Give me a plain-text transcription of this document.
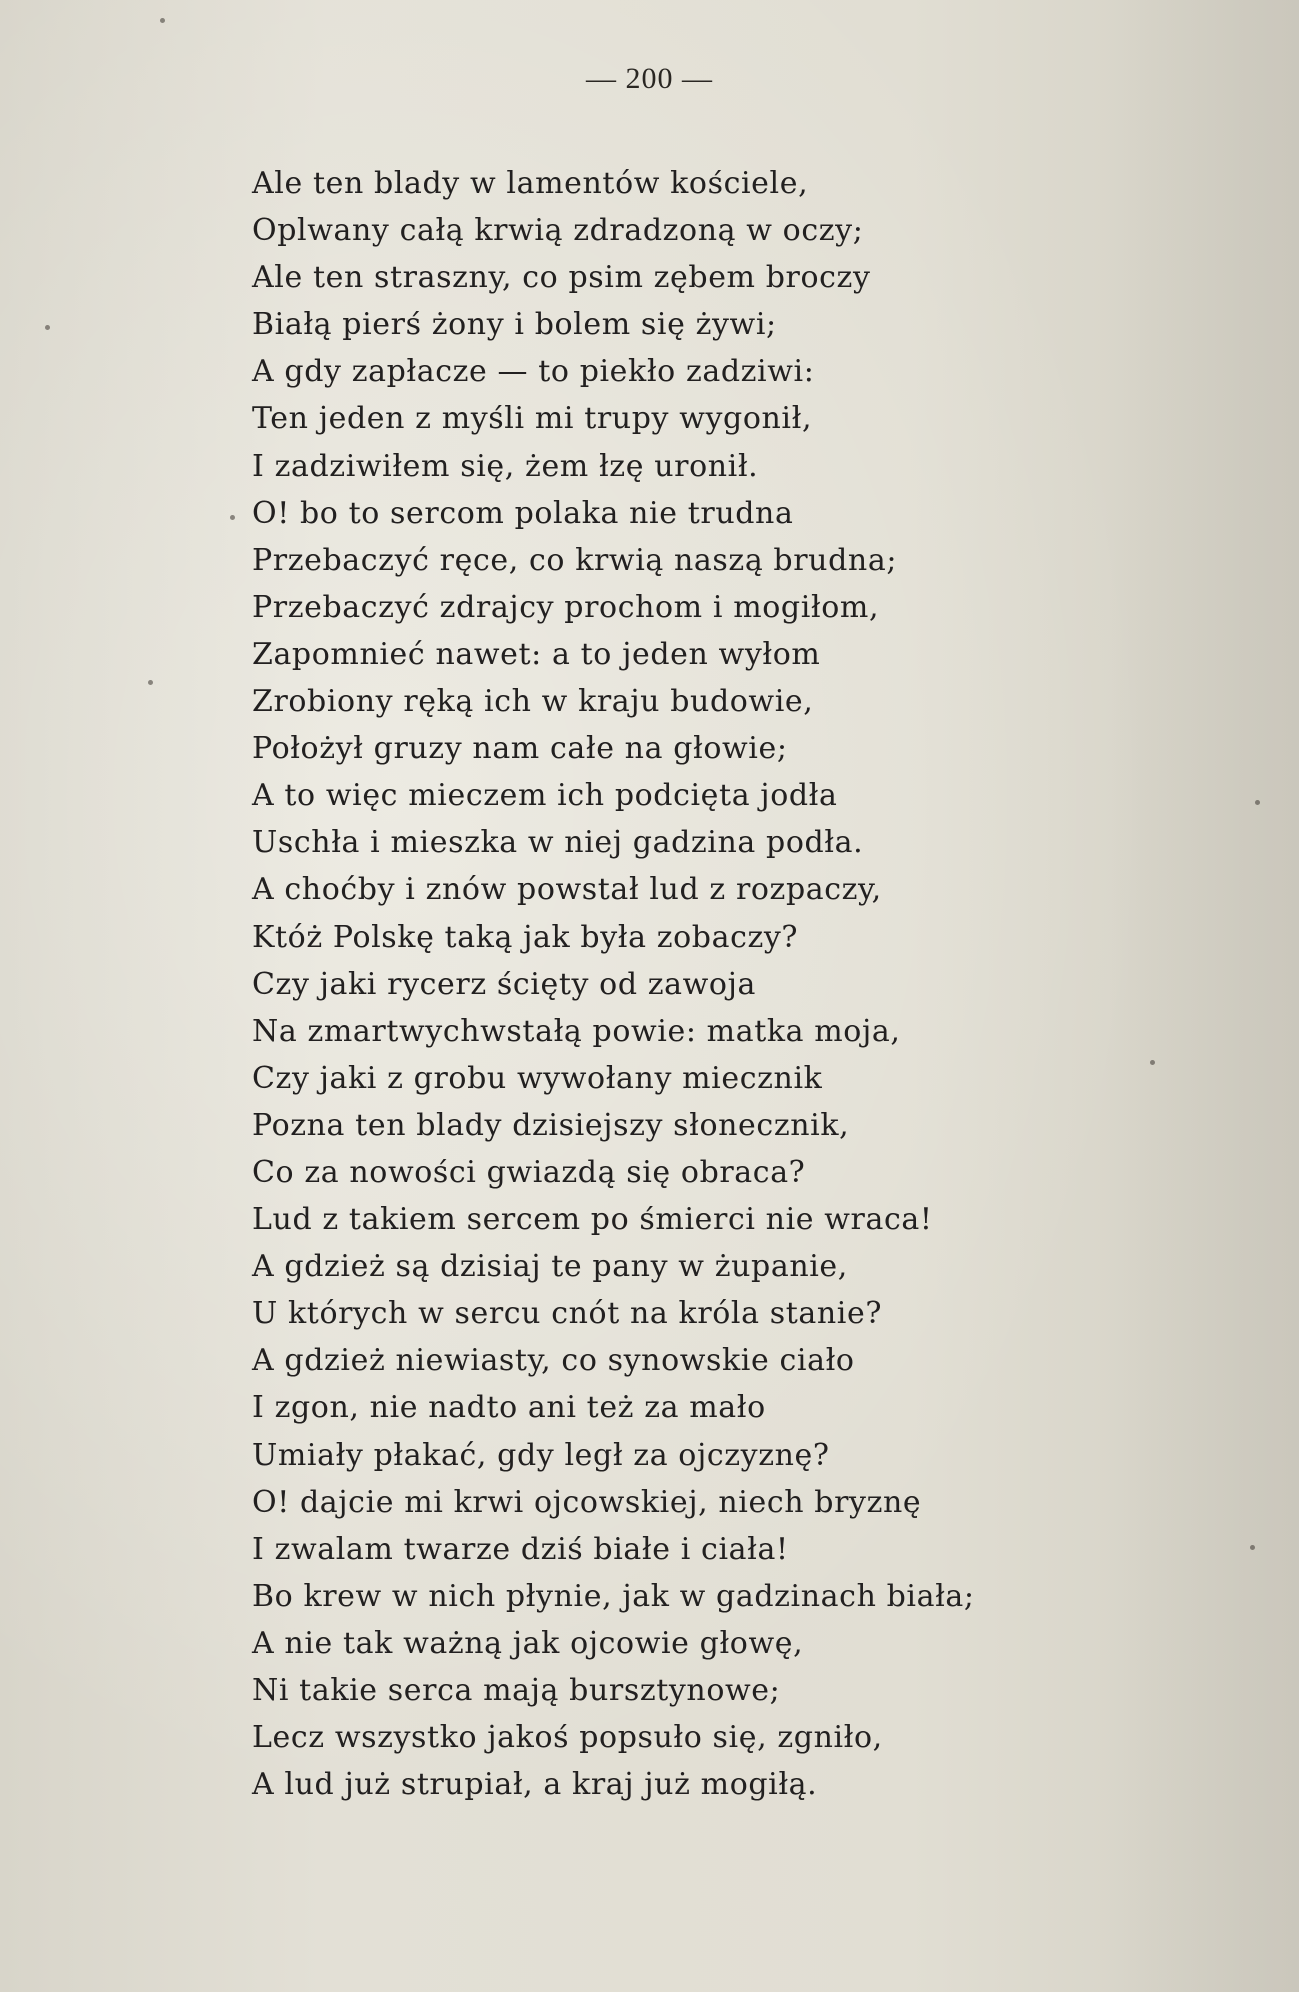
— 200 —
Ale ten blady w lamentów kościele,
Oplwany całą krwią zdradzoną w oczy;
Ale ten straszny, co psim zębem broczy
Białą pierś żony i bolem się żywi;
A gdy zapłacze — to piekło zadziwi:
Ten jeden z myśli mi trupy wygonił,
I zadziwiłem się, żem łzę uronił.
O! bo to sercom polaka nie trudna
Przebaczyć ręce, co krwią naszą brudna;
Przebaczyć zdrajcy prochom i mogiłom,
Zapomnieć nawet: a to jeden wyłom
Zrobiony ręką ich w kraju budowie,
Położył gruzy nam całe na głowie;
A to więc mieczem ich podcięta jodła
Uschła i mieszka w niej gadzina podła.
A choćby i znów powstał lud z rozpaczy,
Któż Polskę taką jak była zobaczy?
Czy jaki rycerz ścięty od zawoja
Na zmartwychwstałą powie: matka moja,
Czy jaki z grobu wywołany miecznik
Pozna ten blady dzisiejszy słonecznik,
Co za nowości gwiazdą się obraca?
Lud z takiem sercem po śmierci nie wraca!
A gdzież są dzisiaj te pany w żupanie,
U których w sercu cnót na króla stanie?
A gdzież niewiasty, co synowskie ciało
I zgon, nie nadto ani też za mało
Umiały płakać, gdy legł za ojczyznę?
O! dajcie mi krwi ojcowskiej, niech bryznę
I zwalam twarze dziś białe i ciała!
Bo krew w nich płynie, jak w gadzinach biała;
A nie tak ważną jak ojcowie głowę,
Ni takie serca mają bursztynowe;
Lecz wszystko jakoś popsuło się, zgniło,
A lud już strupiał, a kraj już mogiłą.
